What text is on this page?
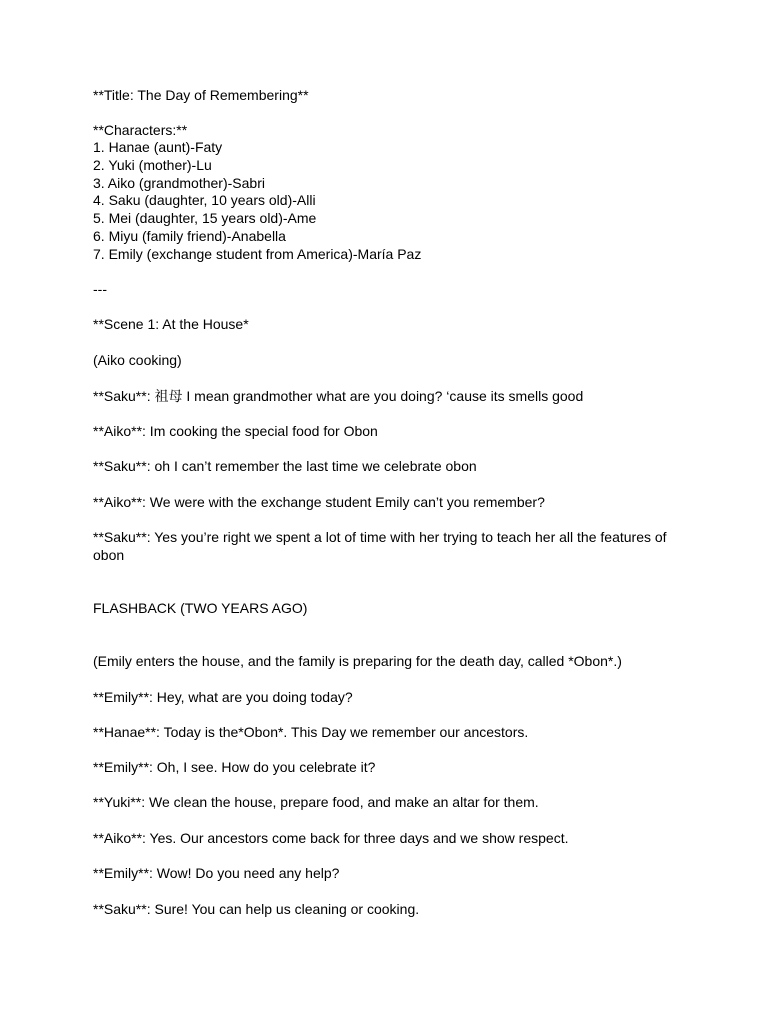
**Title: The Day of Remembering**
**Characters:**
1. Hanae (aunt)-Faty
2. Yuki (mother)-Lu
3. Aiko (grandmother)-Sabri
4. Saku (daughter, 10 years old)-Alli
5. Mei (daughter, 15 years old)-Ame
6. Miyu (family friend)-Anabella
7. Emily (exchange student from America)-María Paz
---
**Scene 1: At the House*
(Aiko cooking)
**Saku**: 祖母 I mean grandmother what are you doing? ‘cause its smells good
**Aiko**: Im cooking the special food for Obon
**Saku**: oh I can’t remember the last time we celebrate obon
**Aiko**: We were with the exchange student Emily can’t you remember?
**Saku**: Yes you’re right we spent a lot of time with her trying to teach her all the features of obon
FLASHBACK (TWO YEARS AGO)
(Emily enters the house, and the family is preparing for the death day, called *Obon*.)
**Emily**: Hey, what are you doing today?
**Hanae**: Today is the*Obon*. This Day we remember our ancestors.
**Emily**: Oh, I see. How do you celebrate it?
**Yuki**: We clean the house, prepare food, and make an altar for them.
**Aiko**: Yes. Our ancestors come back for three days and we show respect.
**Emily**: Wow! Do you need any help?
**Saku**: Sure! You can help us cleaning or cooking.
